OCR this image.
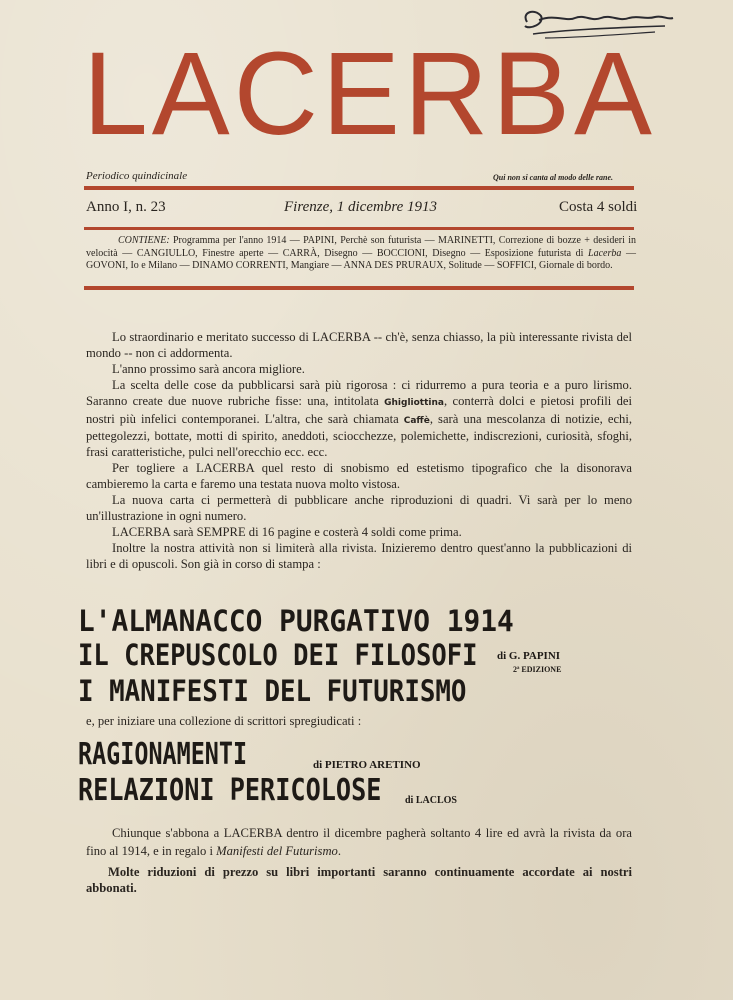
LACERBA
Periodico quindicinale	Qui non si canta al modo delle rane.
Anno I, n. 23	Firenze, 1 dicembre 1913	Costa 4 soldi
CONTIENE: Programma per l'anno 1914 — PAPINI, Perchè son futurista — MARINETTI, Correzione di bozze + desideri in velocità — CANGIULLO, Finestre aperte — CARRÀ, Disegno — BOCCIONI, Disegno — Esposizione futurista di Lacerba — GOVONI, Io e Milano — DINAMO CORRENTI, Mangiare — ANNA DES PRURAUX, Solitude — SOFFICI, Giornale di bordo.

Lo straordinario e meritato successo di LACERBA -- ch'è, senza chiasso, la più interessante rivista del mondo -- non ci addormenta.

L'anno prossimo sarà ancora migliore.

La scelta delle cose da pubblicarsi sarà più rigorosa : ci ridurremo a pura teoria e a puro lirismo. Saranno create due nuove rubriche fisse: una, intitolata Ghigliottina, conterrà dolci e pietosi profili dei nostri più infelici contemporanei. L'altra, che sarà chiamata Caffè, sarà una mescolanza di notizie, echi, pettegolezzi, bottate, motti di spirito, aneddoti, sciocchezze, polemichette, indiscrezioni, curiosità, sfoghi, frasi caratteristiche, pulci nell'orecchio ecc. ecc.

Per togliere a LACERBA quel resto di snobismo ed estetismo tipografico che la disonorava cambieremo la carta e faremo una testata nuova molto vistosa.

La nuova carta ci permetterà di pubblicare anche riproduzioni di quadri. Vi sarà per lo meno un'illustrazione in ogni numero.

LACERBA sarà SEMPRE di 16 pagine e costerà 4 soldi come prima.

Inoltre la nostra attività non si limiterà alla rivista. Inizieremo dentro quest'anno la pubblicazioni di libri e di opuscoli. Son già in corso di stampa :

L'ALMANACCO PURGATIVO 1914
IL CREPUSCOLO DEI FILOSOFI di G. PAPINI
2ª EDIZIONE
I MANIFESTI DEL FUTURISMO
e, per iniziare una collezione di scrittori spregiudicati :
RAGIONAMENTI	di PIETRO ARETINO
RELAZIONI PERICOLOSE di LACLOS

Chiunque s'abbona a LACERBA dentro il dicembre pagherà soltanto 4 lire ed avrà la rivista da ora fino al 1914, e in regalo i Manifesti del Futurismo.

Molte riduzioni di prezzo su libri importanti saranno continuamente accordate ai nostri abbonati.
